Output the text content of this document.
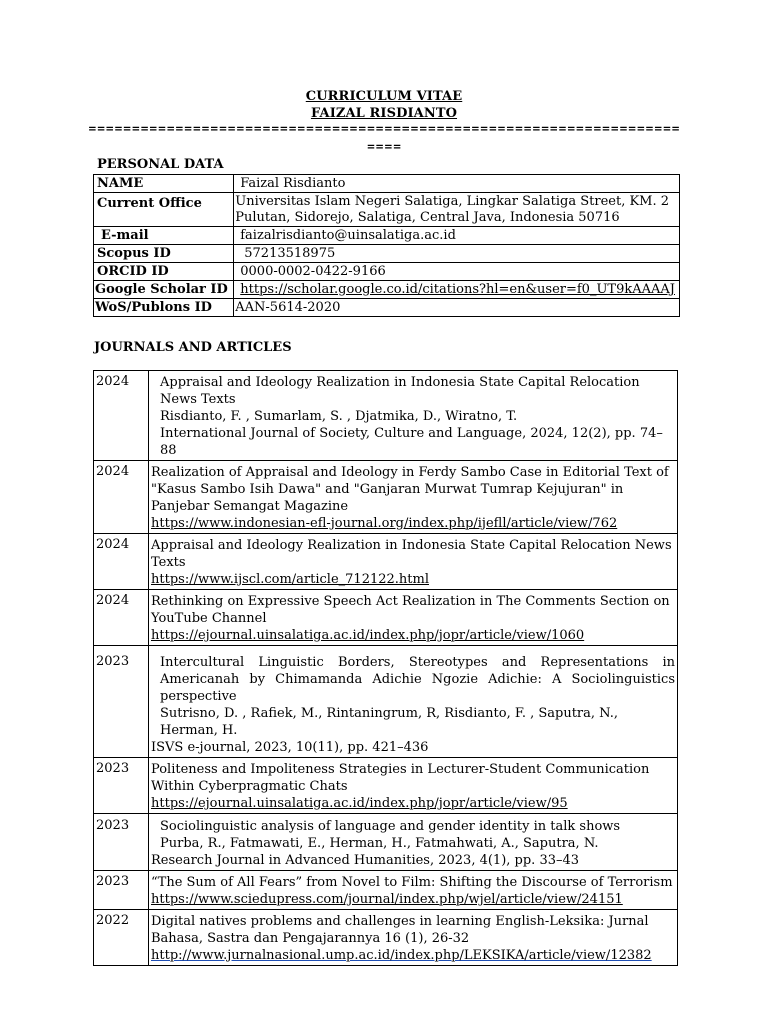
CURRICULUM VITAE
FAIZAL RISDIANTO
====================================================================
====
PERSONAL DATA
NAME	Faizal Risdianto

Current Office	Universitas Islam Negeri Salatiga, Lingkar Salatiga Street, KM. 2
Pulutan, Sidorejo, Salatiga, Central Java, Indonesia 50716

E-mail	faizalrisdianto@uinsalatiga.ac.id

Scopus ID	57213518975

ORCID ID	0000-0002-0422-9166

Google Scholar ID	https://scholar.google.co.id/citations?hl=en&user=f0_UT9kAAAAJ

WoS/Publons ID	AAN-5614-2020
JOURNALS AND ARTICLES
2024	Appraisal and Ideology Realization in Indonesia State Capital Relocation News Texts
Risdianto, F. , Sumarlam, S. , Djatmika, D., Wiratno, T.
International Journal of Society, Culture and Language, 2024, 12(2), pp. 74–88

2024	Realization of Appraisal and Ideology in Ferdy Sambo Case in Editorial Text of "Kasus Sambo Isih Dawa" and "Ganjaran Murwat Tumrap Kejujuran" in Panjebar Semangat Magazine
https://www.indonesian-efl-journal.org/index.php/ijefll/article/view/762

2024	Appraisal and Ideology Realization in Indonesia State Capital Relocation News Texts
https://www.ijscl.com/article_712122.html

2024	Rethinking on Expressive Speech Act Realization in The Comments Section on YouTube Channel
https://ejournal.uinsalatiga.ac.id/index.php/jopr/article/view/1060

2023	Intercultural Linguistic Borders, Stereotypes and Representations in Americanah by Chimamanda Adichie Ngozie Adichie: A Sociolinguistics perspective
Sutrisno, D. , Rafiek, M., Rintaningrum, R, Risdianto, F. , Saputra, N., Herman, H.
ISVS e-journal, 2023, 10(11), pp. 421–436

2023	Politeness and Impoliteness Strategies in Lecturer-Student Communication Within Cyberpragmatic Chats
https://ejournal.uinsalatiga.ac.id/index.php/jopr/article/view/95

2023	Sociolinguistic analysis of language and gender identity in talk shows
Purba, R., Fatmawati, E., Herman, H., Fatmahwati, A., Saputra, N.
Research Journal in Advanced Humanities, 2023, 4(1), pp. 33–43

2023	“The Sum of All Fears” from Novel to Film: Shifting the Discourse of Terrorism
https://www.sciedupress.com/journal/index.php/wjel/article/view/24151

2022	Digital natives problems and challenges in learning English-Leksika: Jurnal Bahasa, Sastra dan Pengajarannya 16 (1), 26-32
http://www.jurnalnasional.ump.ac.id/index.php/LEKSIKA/article/view/12382
